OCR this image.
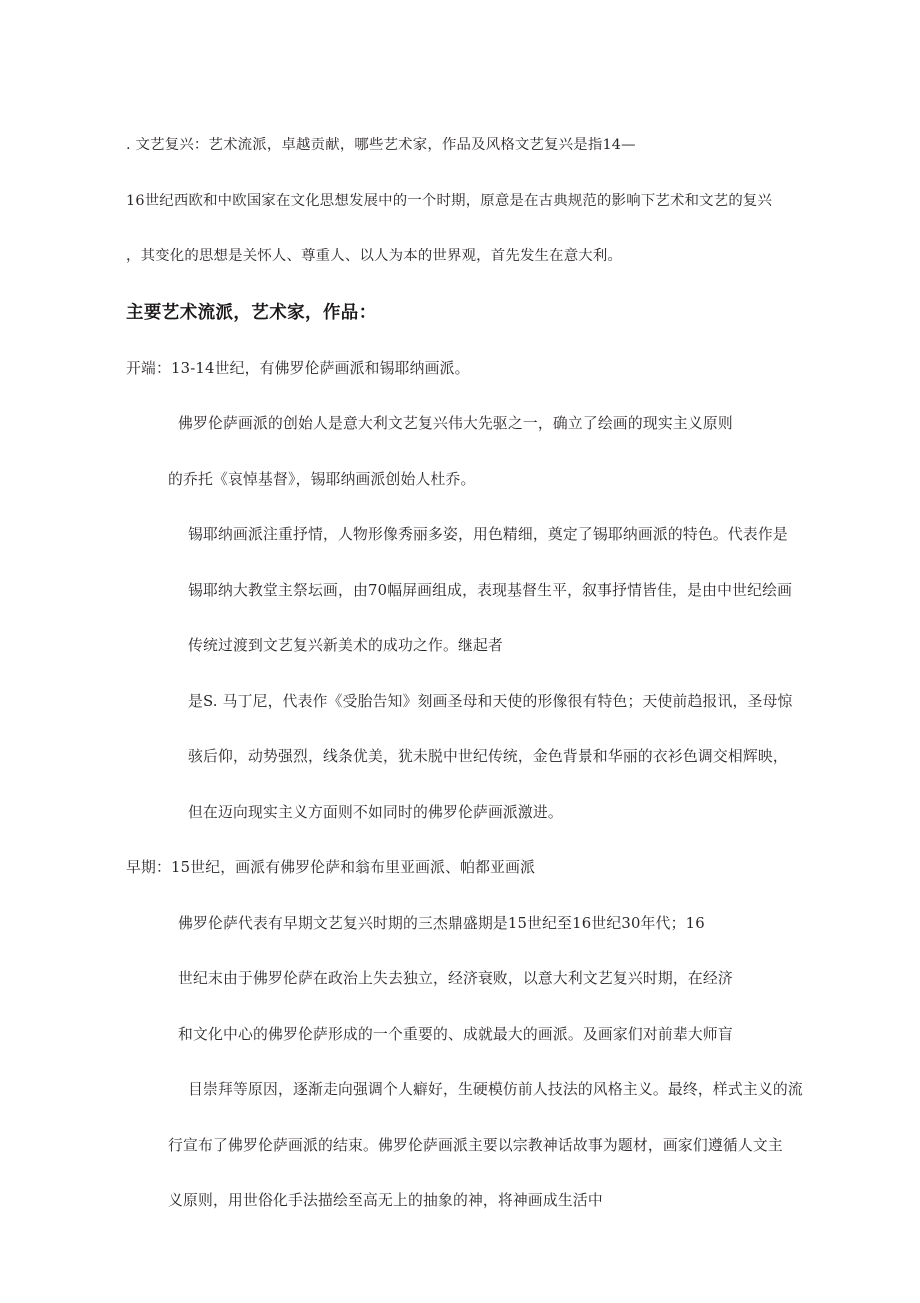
. 文艺复兴：艺术流派，卓越贡献，哪些艺术家，作品及风格文艺复兴是指14—
16世纪西欧和中欧国家在文化思想发展中的一个时期，原意是在古典规范的影响下艺术和文艺的复兴
，其变化的思想是关怀人、尊重人、以人为本的世界观，首先发生在意大利。
主要艺术流派，艺术家，作品：
开端：13-14世纪，有佛罗伦萨画派和锡耶纳画派。
佛罗伦萨画派的创始人是意大利文艺复兴伟大先驱之一，确立了绘画的现实主义原则
的乔托《哀悼基督》，锡耶纳画派创始人杜乔。
锡耶纳画派注重抒情，人物形像秀丽多姿，用色精细，奠定了锡耶纳画派的特色。代表作是
锡耶纳大教堂主祭坛画，由70幅屏画组成，表现基督生平，叙事抒情皆佳，是由中世纪绘画
传统过渡到文艺复兴新美术的成功之作。继起者
是S. 马丁尼，代表作《受胎告知》刻画圣母和天使的形像很有特色；天使前趋报讯，圣母惊
骇后仰，动势强烈，线条优美，犹未脱中世纪传统，金色背景和华丽的衣衫色调交相辉映，
但在迈向现实主义方面则不如同时的佛罗伦萨画派激进。
早期：15世纪，画派有佛罗伦萨和翁布里亚画派、帕都亚画派
佛罗伦萨代表有早期文艺复兴时期的三杰鼎盛期是15世纪至16世纪30年代；16
世纪末由于佛罗伦萨在政治上失去独立，经济衰败，以意大利文艺复兴时期，在经济
和文化中心的佛罗伦萨形成的一个重要的、成就最大的画派。及画家们对前辈大师盲
目崇拜等原因，逐渐走向强调个人癖好，生硬模仿前人技法的风格主义。最终，样式主义的流
行宣布了佛罗伦萨画派的结束。佛罗伦萨画派主要以宗教神话故事为题材，画家们遵循人文主
义原则，用世俗化手法描绘至高无上的抽象的神，将神画成生活中
